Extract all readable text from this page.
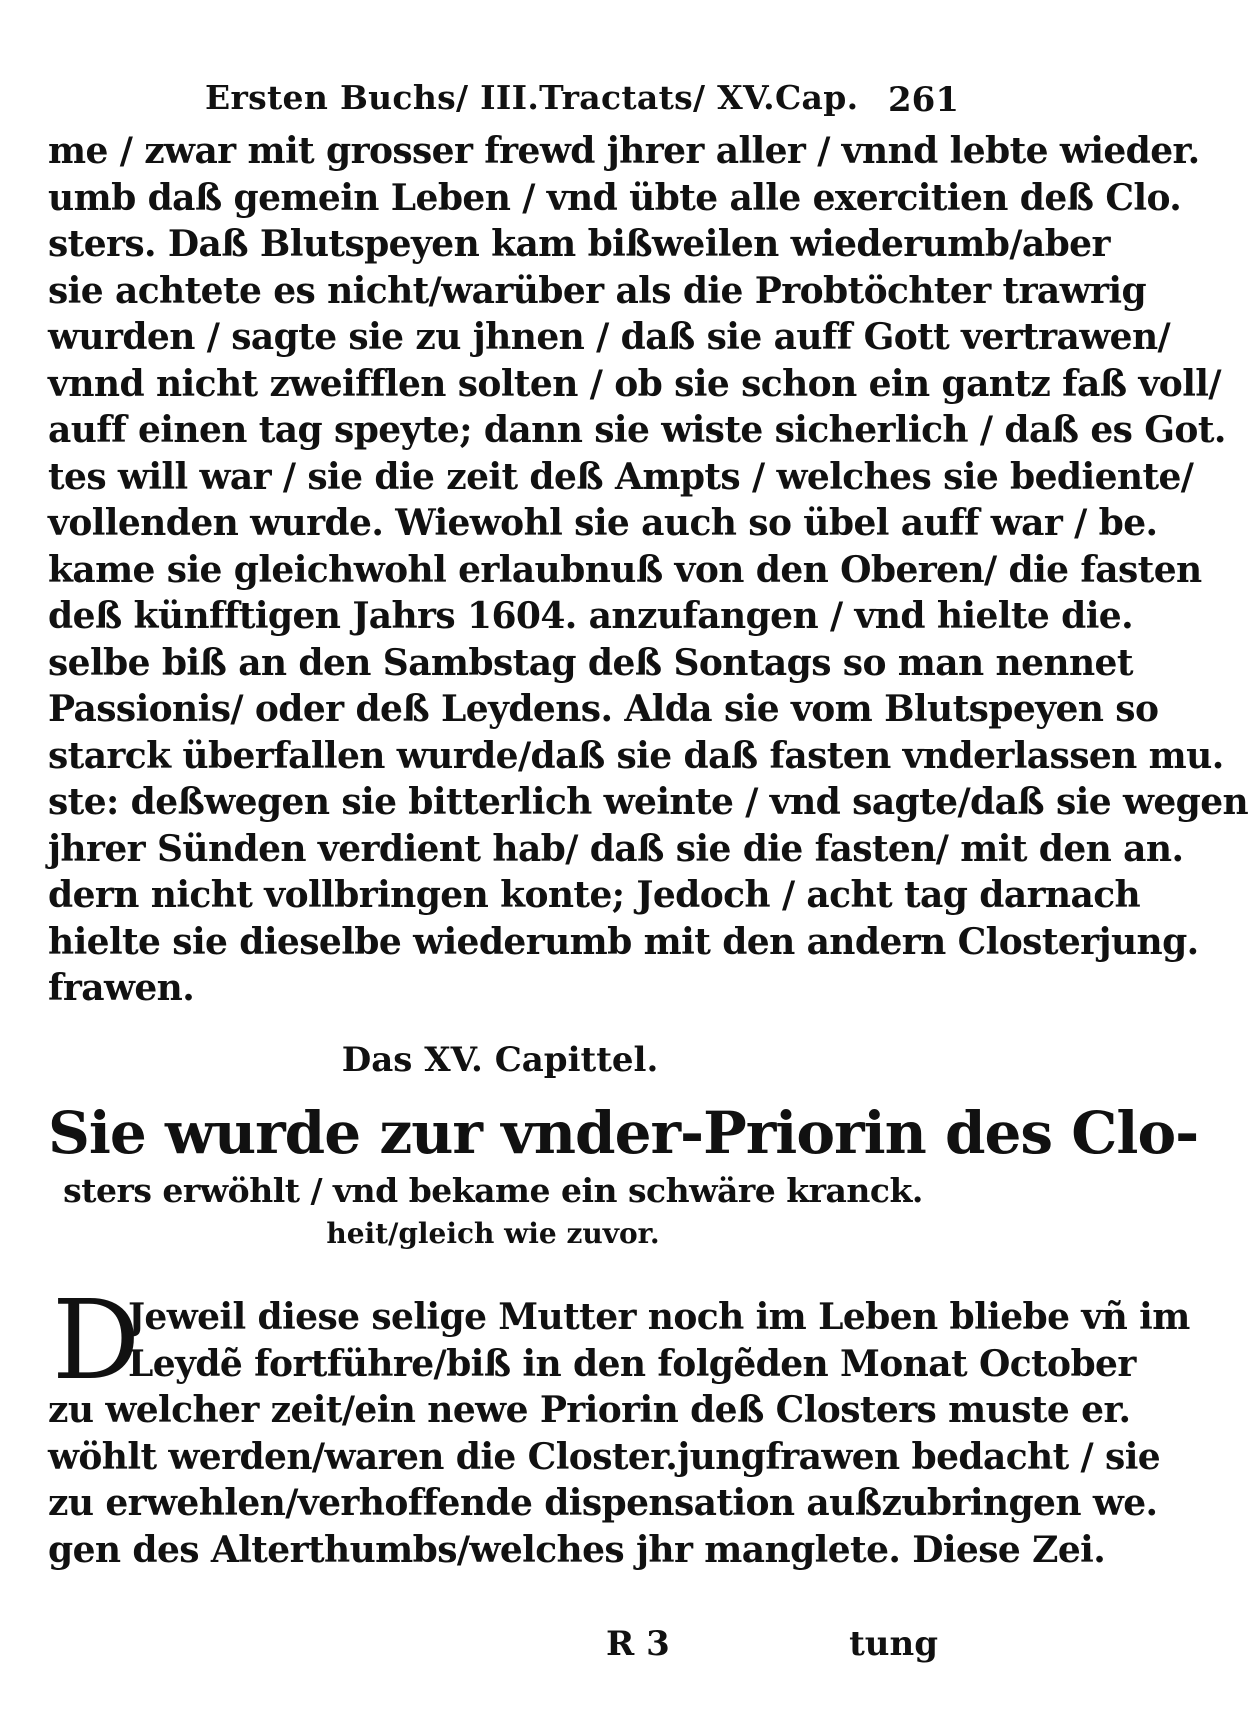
Ersten Buchs/ III.Tractats/ XV.Cap. 261
me / zwar mit grosser frewd jhrer aller / vnnd lebte wieder.
umb daß gemein Leben / vnd übte alle exercitien deß Clo.
sters. Daß Blutspeyen kam bißweilen wiederumb/aber
sie achtete es nicht/warüber als die Probtöchter trawrig
wurden / sagte sie zu jhnen / daß sie auff Gott vertrawen/
vnnd nicht zweifflen solten / ob sie schon ein gantz faß voll/
auff einen tag speyte; dann sie wiste sicherlich / daß es Got.
tes will war / sie die zeit deß Ampts / welches sie bediente/
vollenden wurde. Wiewohl sie auch so übel auff war / be.
kame sie gleichwohl erlaubnuß von den Oberen/ die fasten
deß künfftigen Jahrs 1604. anzufangen / vnd hielte die.
selbe biß an den Sambstag deß Sontags so man nennet
Passionis/ oder deß Leydens. Alda sie vom Blutspeyen so
starck überfallen wurde/daß sie daß fasten vnderlassen mu.
ste: deßwegen sie bitterlich weinte / vnd sagte/daß sie wegen
jhrer Sünden verdient hab/ daß sie die fasten/ mit den an.
dern nicht vollbringen konte; Jedoch / acht tag darnach
hielte sie dieselbe wiederumb mit den andern Closterjung.
frawen.
Das XV. Capittel.
Sie wurde zur vnder-Priorin des Clo-
sters erwöhlt / vnd bekame ein schwäre kranck.
heit/gleich wie zuvor.
D
Jeweil diese selige Mutter noch im Leben bliebe vñ im
Leydẽ fortführe/biß in den folgẽden Monat October
zu welcher zeit/ein newe Priorin deß Closters muste er.
wöhlt werden/waren die Closter.jungfrawen bedacht / sie
zu erwehlen/verhoffende dispensation außzubringen we.
gen des Alterthumbs/welches jhr manglete. Diese Zei.
R 3	tung
